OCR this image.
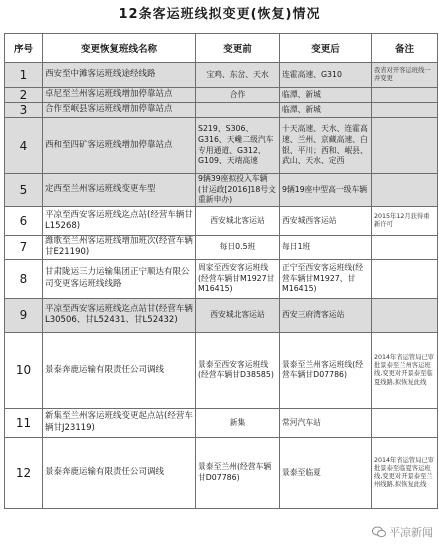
12条客运班线拟变更(恢复)情况
序号	变更恢复班线名称	变更前	变更后	备注
1	西安至中滩客运班线途经线路	宝鸡、东岔、天水	连霍高速、G310	我省对开客运班线一并变更
2	卓尼至兰州客运班线增加停靠站点	合作	临潭、新城	
3	合作至岷县客运班线增加停靠站点		临潭、新城	
4	西和至四矿客运班线增加停靠站点	S219、S306、G316、天巉二级汽车专用通道、G312、G109、天靖高速	十天高速、天水、连霍高速、兰州、京藏高速、白银、平川；西和、岷县、武山、天水、定西	
5	定西至兰州客运班线变更车型	9辆39座拟投入车辆(甘运政[2016]18号文重新申办)	9辆19座中型高一级车辆	
6	平凉至西安客运班线迄点站(经营车辆甘L15268)	西安城北客运站	西安城西客运站	2015年12月获得重新许可
7	潍歌至兰州客运班线增加班次(经营车辆甘E21190)	每日0.5班	每日1班	
8	甘肃陇运三力运输集团正宁顺达有限公司变更客运班线线路	周家至西安客运班线(经营车辆甘M1927甘M16415)	正宁至西安客运班线(经营车辆甘M1927、甘M16415)	
9	平凉至西安客运班线迄点站甘(经营车辆L30506、甘L52431、甘L52432)	西安城北客运站	西安三府湾客运站	
10	景泰奔鹿运输有限责任公司调线	景泰至西安客运班线(经营车辆甘D38585)	景泰至兰州客运班线(经营车辆甘D07786)	2014年省运管局已审批景泰至兰州客运班线,变更对开景泰至临夏线路,拟恢复此线
11	新集至兰州客运班线变更起点站(经营车辆甘J23119)	新集	常河汽车站	
12	景泰奔鹿运输有限责任公司调线	景泰至兰州(经营车辆甘D07786)	景泰至临夏	2014年省运管局已审批景泰至临夏客运班线,变更对开景泰至兰州线路,拟恢复此线
平凉新闻
